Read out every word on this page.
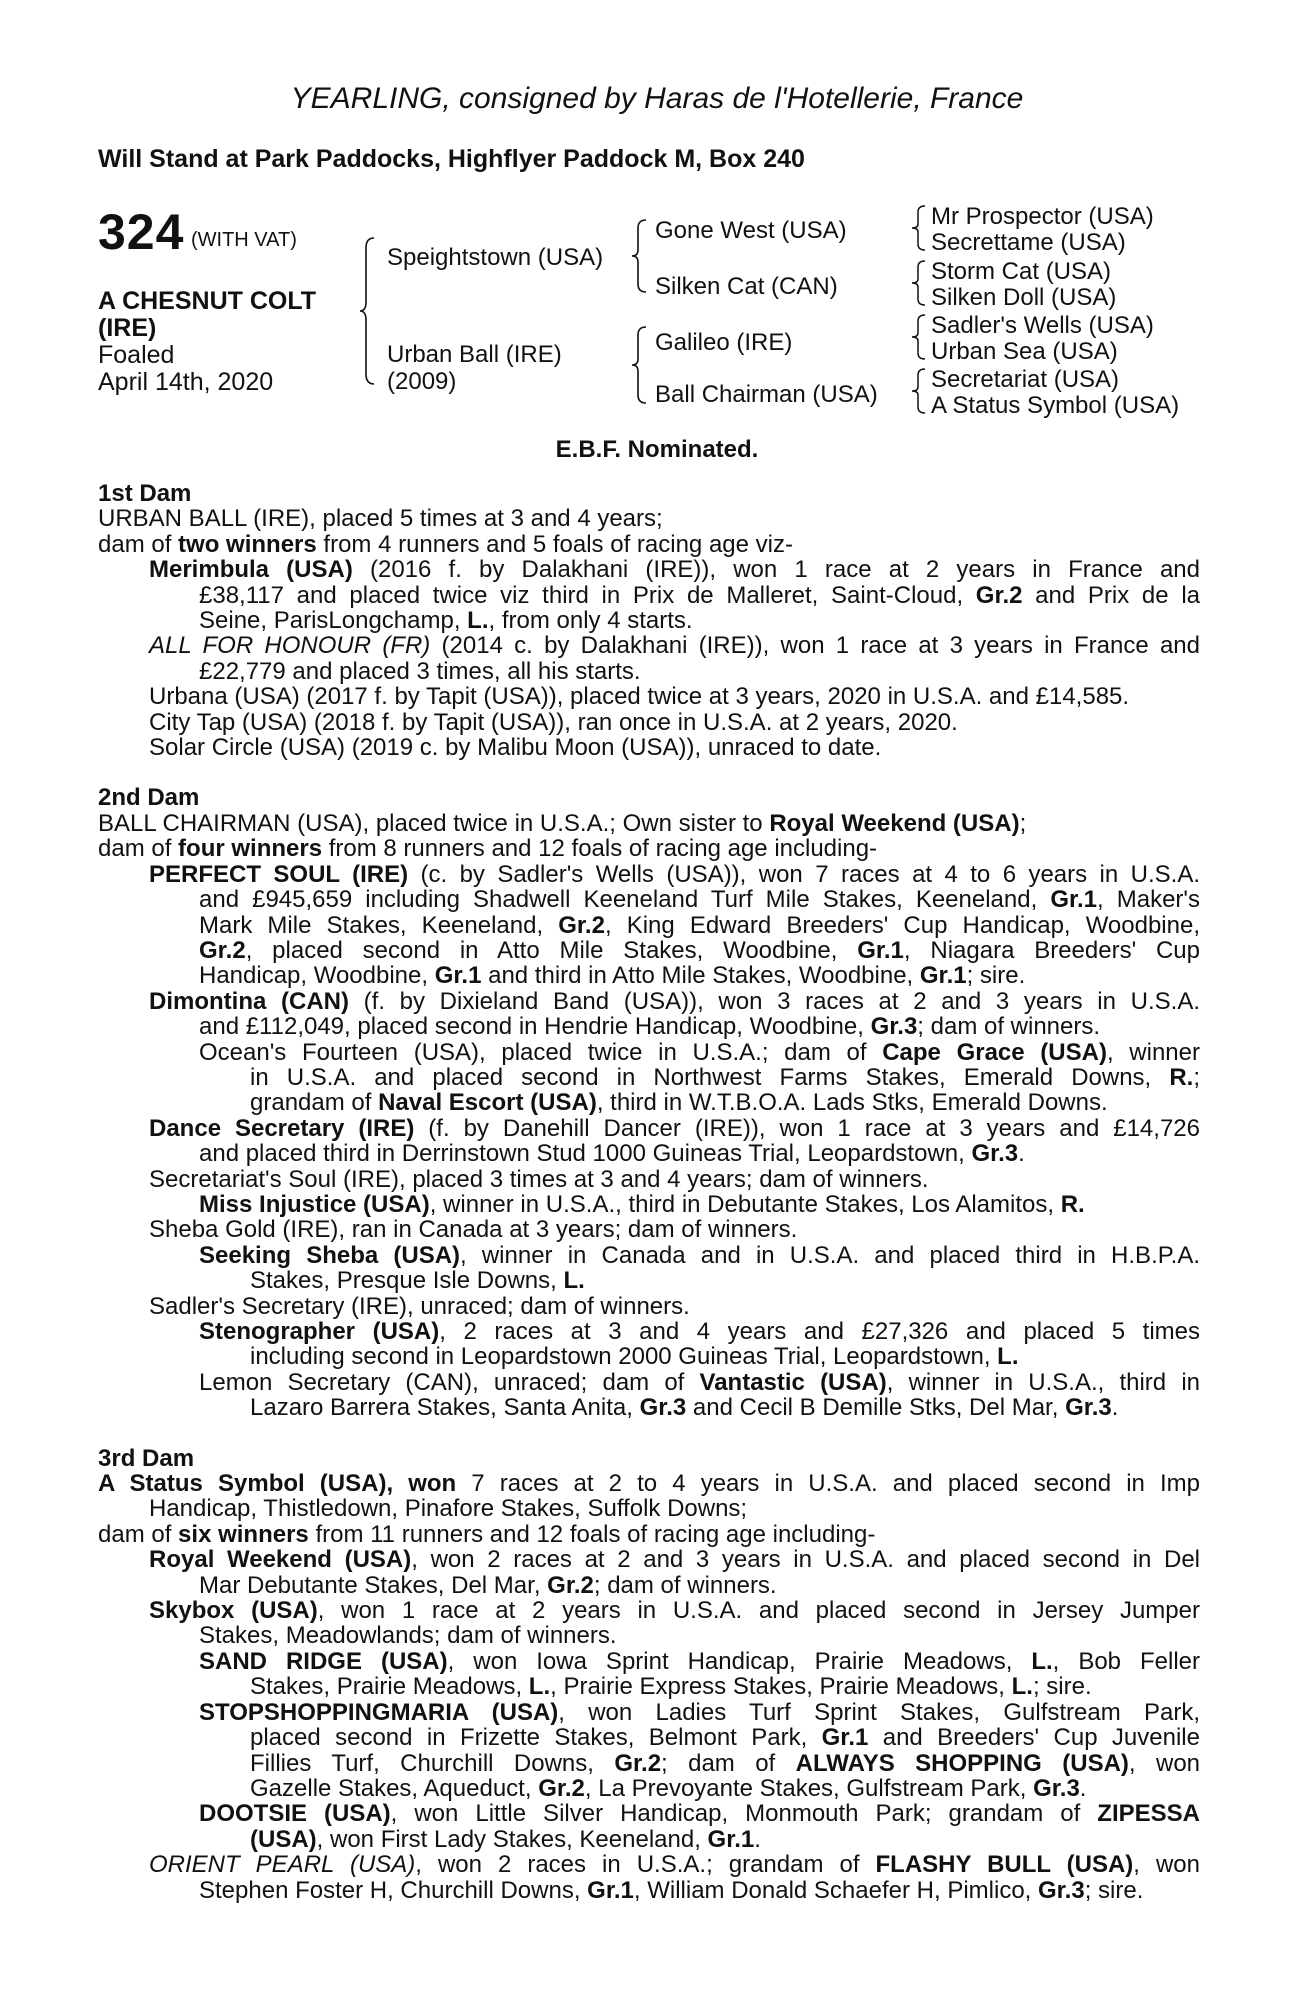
YEARLING, consigned by Haras de l'Hotellerie, France
Will Stand at Park Paddocks, Highflyer Paddock M, Box 240
324 (WITH VAT)
A CHESNUT COLT
(IRE)
Foaled
April 14th, 2020
Speightstown (USA)
Urban Ball (IRE)
(2009)
Gone West (USA)
Silken Cat (CAN)
Galileo (IRE)
Ball Chairman (USA)
Mr Prospector (USA)
Secrettame (USA)
Storm Cat (USA)
Silken Doll (USA)
Sadler's Wells (USA)
Urban Sea (USA)
Secretariat (USA)
A Status Symbol (USA)
E.B.F. Nominated.
1st Dam
URBAN BALL (IRE), placed 5 times at 3 and 4 years;
dam of two winners from 4 runners and 5 foals of racing age viz-
Merimbula (USA) (2016 f. by Dalakhani (IRE)), won 1 race at 2 years in France and
£38,117 and placed twice viz third in Prix de Malleret, Saint-Cloud, Gr.2 and Prix de la
Seine, ParisLongchamp, L., from only 4 starts.
ALL FOR HONOUR (FR) (2014 c. by Dalakhani (IRE)), won 1 race at 3 years in France and
£22,779 and placed 3 times, all his starts.
Urbana (USA) (2017 f. by Tapit (USA)), placed twice at 3 years, 2020 in U.S.A. and £14,585.
City Tap (USA) (2018 f. by Tapit (USA)), ran once in U.S.A. at 2 years, 2020.
Solar Circle (USA) (2019 c. by Malibu Moon (USA)), unraced to date.
2nd Dam
BALL CHAIRMAN (USA), placed twice in U.S.A.; Own sister to Royal Weekend (USA);
dam of four winners from 8 runners and 12 foals of racing age including-
PERFECT SOUL (IRE) (c. by Sadler's Wells (USA)), won 7 races at 4 to 6 years in U.S.A.
and £945,659 including Shadwell Keeneland Turf Mile Stakes, Keeneland, Gr.1, Maker's
Mark Mile Stakes, Keeneland, Gr.2, King Edward Breeders' Cup Handicap, Woodbine,
Gr.2, placed second in Atto Mile Stakes, Woodbine, Gr.1, Niagara Breeders' Cup
Handicap, Woodbine, Gr.1 and third in Atto Mile Stakes, Woodbine, Gr.1; sire.
Dimontina (CAN) (f. by Dixieland Band (USA)), won 3 races at 2 and 3 years in U.S.A.
and £112,049, placed second in Hendrie Handicap, Woodbine, Gr.3; dam of winners.
Ocean's Fourteen (USA), placed twice in U.S.A.; dam of Cape Grace (USA), winner
in U.S.A. and placed second in Northwest Farms Stakes, Emerald Downs, R.;
grandam of Naval Escort (USA), third in W.T.B.O.A. Lads Stks, Emerald Downs.
Dance Secretary (IRE) (f. by Danehill Dancer (IRE)), won 1 race at 3 years and £14,726
and placed third in Derrinstown Stud 1000 Guineas Trial, Leopardstown, Gr.3.
Secretariat's Soul (IRE), placed 3 times at 3 and 4 years; dam of winners.
Miss Injustice (USA), winner in U.S.A., third in Debutante Stakes, Los Alamitos, R.
Sheba Gold (IRE), ran in Canada at 3 years; dam of winners.
Seeking Sheba (USA), winner in Canada and in U.S.A. and placed third in H.B.P.A.
Stakes, Presque Isle Downs, L.
Sadler's Secretary (IRE), unraced; dam of winners.
Stenographer (USA), 2 races at 3 and 4 years and £27,326 and placed 5 times
including second in Leopardstown 2000 Guineas Trial, Leopardstown, L.
Lemon Secretary (CAN), unraced; dam of Vantastic (USA), winner in U.S.A., third in
Lazaro Barrera Stakes, Santa Anita, Gr.3 and Cecil B Demille Stks, Del Mar, Gr.3.
3rd Dam
A Status Symbol (USA), won 7 races at 2 to 4 years in U.S.A. and placed second in Imp
Handicap, Thistledown, Pinafore Stakes, Suffolk Downs;
dam of six winners from 11 runners and 12 foals of racing age including-
Royal Weekend (USA), won 2 races at 2 and 3 years in U.S.A. and placed second in Del
Mar Debutante Stakes, Del Mar, Gr.2; dam of winners.
Skybox (USA), won 1 race at 2 years in U.S.A. and placed second in Jersey Jumper
Stakes, Meadowlands; dam of winners.
SAND RIDGE (USA), won Iowa Sprint Handicap, Prairie Meadows, L., Bob Feller
Stakes, Prairie Meadows, L., Prairie Express Stakes, Prairie Meadows, L.; sire.
STOPSHOPPINGMARIA (USA), won Ladies Turf Sprint Stakes, Gulfstream Park,
placed second in Frizette Stakes, Belmont Park, Gr.1 and Breeders' Cup Juvenile
Fillies Turf, Churchill Downs, Gr.2; dam of ALWAYS SHOPPING (USA), won
Gazelle Stakes, Aqueduct, Gr.2, La Prevoyante Stakes, Gulfstream Park, Gr.3.
DOOTSIE (USA), won Little Silver Handicap, Monmouth Park; grandam of ZIPESSA
(USA), won First Lady Stakes, Keeneland, Gr.1.
ORIENT PEARL (USA), won 2 races in U.S.A.; grandam of FLASHY BULL (USA), won
Stephen Foster H, Churchill Downs, Gr.1, William Donald Schaefer H, Pimlico, Gr.3; sire.
